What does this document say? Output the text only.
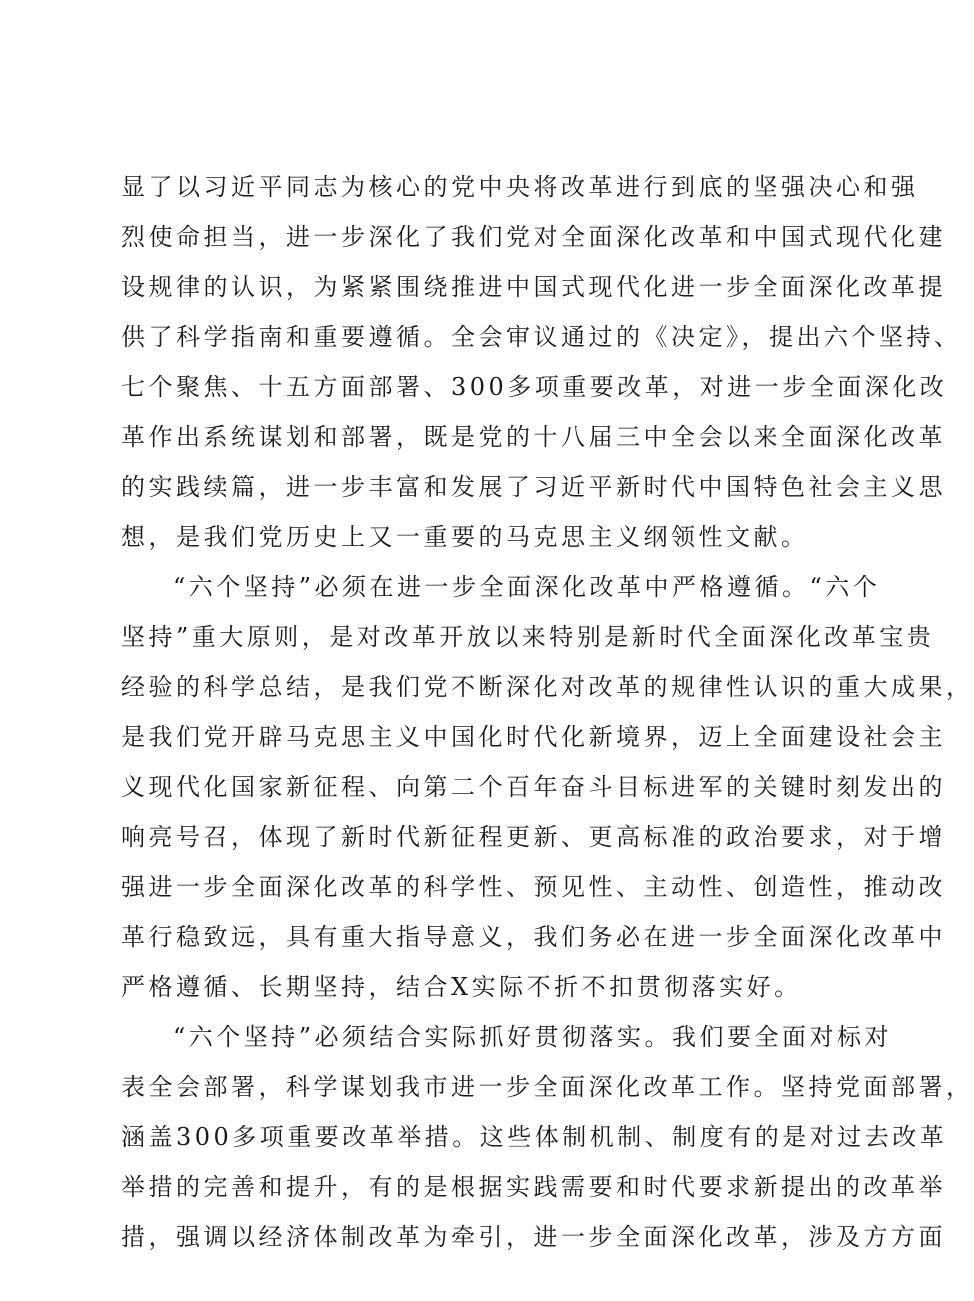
显了以习近平同志为核心的党中央将改革进行到底的坚强决心和强
烈使命担当，进一步深化了我们党对全面深化改革和中国式现代化建
设规律的认识，为紧紧围绕推进中国式现代化进一步全面深化改革提
供了科学指南和重要遵循。全会审议通过的《决定》，提出六个坚持、
七个聚焦、十五方面部署、300多项重要改革，对进一步全面深化改
革作出系统谋划和部署，既是党的十八届三中全会以来全面深化改革
的实践续篇，进一步丰富和发展了习近平新时代中国特色社会主义思
想，是我们党历史上又一重要的马克思主义纲领性文献。
“六个坚持”必须在进一步全面深化改革中严格遵循。“六个
坚持”重大原则，是对改革开放以来特别是新时代全面深化改革宝贵
经验的科学总结，是我们党不断深化对改革的规律性认识的重大成果，
是我们党开辟马克思主义中国化时代化新境界，迈上全面建设社会主
义现代化国家新征程、向第二个百年奋斗目标进军的关键时刻发出的
响亮号召，体现了新时代新征程更新、更高标准的政治要求，对于增
强进一步全面深化改革的科学性、预见性、主动性、创造性，推动改
革行稳致远，具有重大指导意义，我们务必在进一步全面深化改革中
严格遵循、长期坚持，结合X实际不折不扣贯彻落实好。
“六个坚持”必须结合实际抓好贯彻落实。我们要全面对标对
表全会部署，科学谋划我市进一步全面深化改革工作。坚持党面部署，
涵盖300多项重要改革举措。这些体制机制、制度有的是对过去改革
举措的完善和提升，有的是根据实践需要和时代要求新提出的改革举
措，强调以经济体制改革为牵引，进一步全面深化改革，涉及方方面
